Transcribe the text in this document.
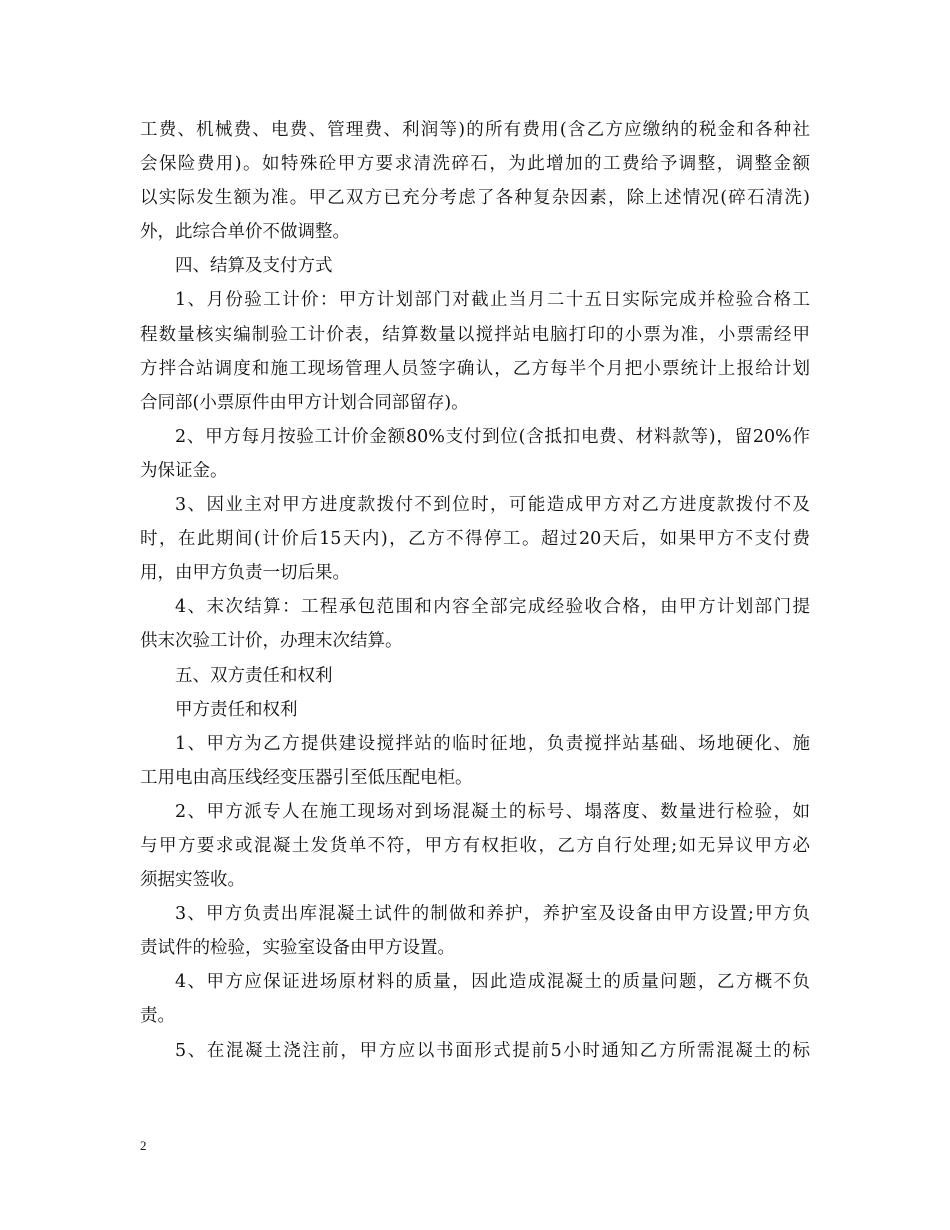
工费、机械费、电费、管理费、利润等)的所有费用(含乙方应缴纳的税金和各种社
会保险费用)。如特殊砼甲方要求清洗碎石，为此增加的工费给予调整，调整金额
以实际发生额为准。甲乙双方已充分考虑了各种复杂因素，除上述情况(碎石清洗)
外，此综合单价不做调整。
四、结算及支付方式
1、月份验工计价：甲方计划部门对截止当月二十五日实际完成并检验合格工
程数量核实编制验工计价表，结算数量以搅拌站电脑打印的小票为准，小票需经甲
方拌合站调度和施工现场管理人员签字确认，乙方每半个月把小票统计上报给计划
合同部(小票原件由甲方计划合同部留存)。
2、甲方每月按验工计价金额80%支付到位(含抵扣电费、材料款等)，留20%作
为保证金。
3、因业主对甲方进度款拨付不到位时，可能造成甲方对乙方进度款拨付不及
时，在此期间(计价后15天内)，乙方不得停工。超过20天后，如果甲方不支付费
用，由甲方负责一切后果。
4、末次结算：工程承包范围和内容全部完成经验收合格，由甲方计划部门提
供末次验工计价，办理末次结算。
五、双方责任和权利
甲方责任和权利
1、甲方为乙方提供建设搅拌站的临时征地，负责搅拌站基础、场地硬化、施
工用电由高压线经变压器引至低压配电柜。
2、甲方派专人在施工现场对到场混凝土的标号、塌落度、数量进行检验，如
与甲方要求或混凝土发货单不符，甲方有权拒收，乙方自行处理;如无异议甲方必
须据实签收。
3、甲方负责出库混凝土试件的制做和养护，养护室及设备由甲方设置;甲方负
责试件的检验，实验室设备由甲方设置。
4、甲方应保证进场原材料的质量，因此造成混凝土的质量问题，乙方概不负
责。
5、在混凝土浇注前，甲方应以书面形式提前5小时通知乙方所需混凝土的标
2
